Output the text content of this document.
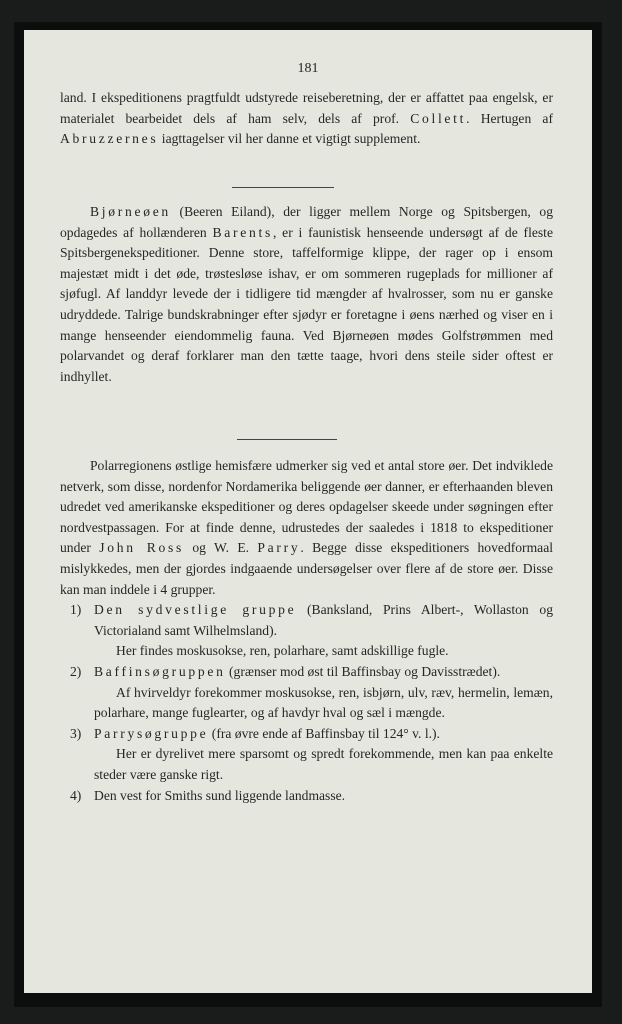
181

land. I ekspeditionens pragtfuldt udstyrede reiseberetning, der er affattet paa engelsk, er materialet bearbeidet dels af ham selv, dels af prof. Collett. Hertugen af Abruzzernes iagttagelser vil her danne et vigtigt supplement.

Bjørneøen (Beeren Eiland), der ligger mellem Norge og Spitsbergen, og opdagedes af hollænderen Barents, er i faunistisk henseende undersøgt af de fleste Spitsbergenekspeditioner. Denne store, taffelformige klippe, der rager op i ensom majestæt midt i det øde, trøstesløse ishav, er om sommeren rugeplads for millioner af sjøfugl. Af landdyr levede der i tidligere tid mængder af hvalrosser, som nu er ganske udryddede. Talrige bundskrabninger efter sjødyr er foretagne i øens nærhed og viser en i mange henseender eiendommelig fauna. Ved Bjørneøen mødes Golfstrømmen med polarvandet og deraf forklarer man den tætte taage, hvori dens steile sider oftest er indhyllet.

Polarregionens østlige hemisfære udmerker sig ved et antal store øer. Det indviklede netverk, som disse, nordenfor Nordamerika beliggende øer danner, er efterhaanden bleven udredet ved amerikanske ekspeditioner og deres opdagelser skeede under søgningen efter nordvestpassagen. For at finde denne, udrustedes der saaledes i 1818 to ekspeditioner under John Ross og W. E. Parry. Begge disse ekspeditioners hovedformaal mislykkedes, men der gjordes indgaaende undersøgelser over flere af de store øer. Disse kan man inddele i 4 grupper.

1) Den sydvestlige gruppe (Banksland, Prins Albert-, Wollaston og Victorialand samt Wilhelmsland).

Her findes moskusokse, ren, polarhare, samt adskillige fugle.

2) Baffinsøgruppen (grænser mod øst til Baffinsbay og Davisstrædet).

Af hvirveldyr forekommer moskusokse, ren, isbjørn, ulv, ræv, hermelin, lemæn, polarhare, mange fuglearter, og af havdyr hval og sæl i mængde.

3) Parrysøgruppe (fra øvre ende af Baffinsbay til 124° v. l.).

Her er dyrelivet mere sparsomt og spredt forekommende, men kan paa enkelte steder være ganske rigt.

4) Den vest for Smiths sund liggende landmasse.
